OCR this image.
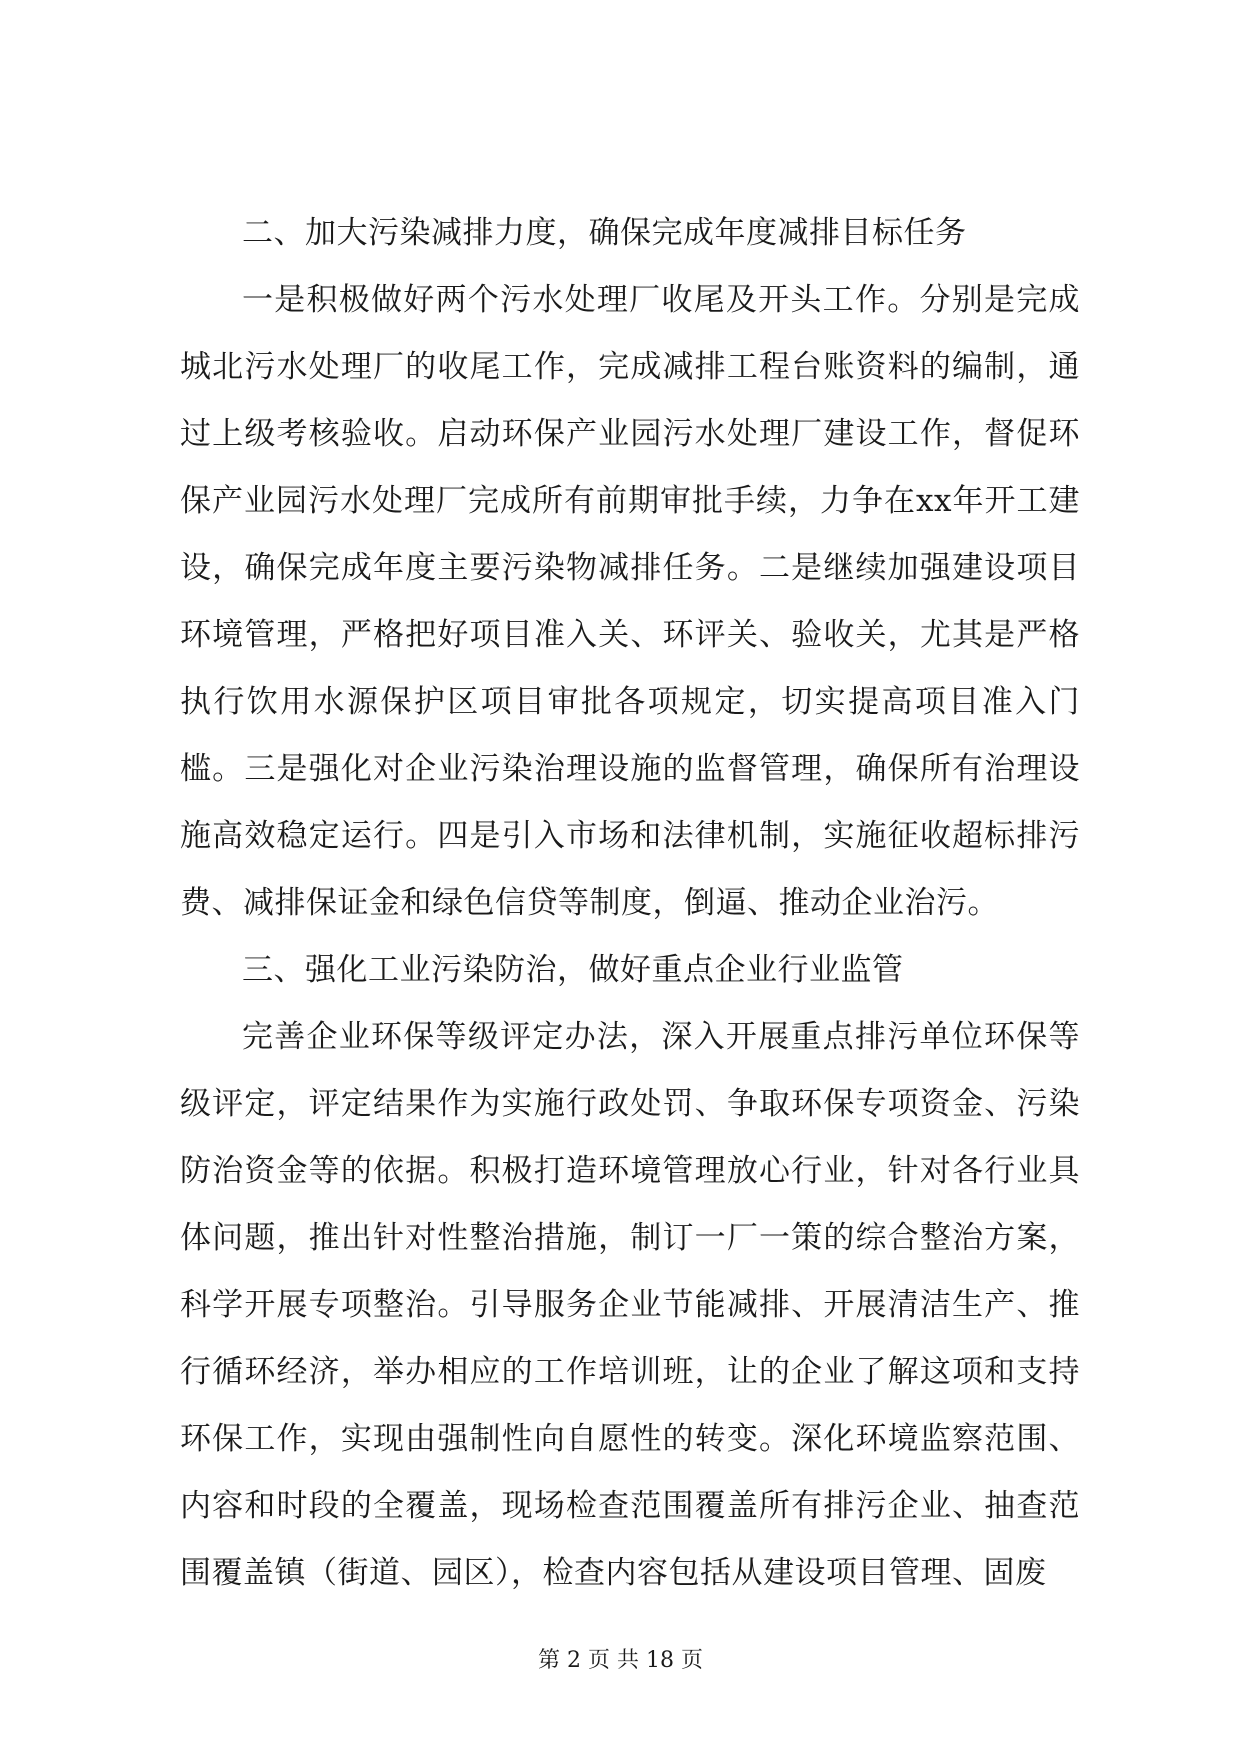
二、加大污染减排力度，确保完成年度减排目标任务

一是积极做好两个污水处理厂收尾及开头工作。分别是完成城北污水处理厂的收尾工作，完成减排工程台账资料的编制，通过上级考核验收。启动环保产业园污水处理厂建设工作，督促环保产业园污水处理厂完成所有前期审批手续，力争在xx年开工建设，确保完成年度主要污染物减排任务。二是继续加强建设项目环境管理，严格把好项目准入关、环评关、验收关，尤其是严格执行饮用水源保护区项目审批各项规定，切实提高项目准入门槛。三是强化对企业污染治理设施的监督管理，确保所有治理设施高效稳定运行。四是引入市场和法律机制，实施征收超标排污费、减排保证金和绿色信贷等制度，倒逼、推动企业治污。

三、强化工业污染防治，做好重点企业行业监管

完善企业环保等级评定办法，深入开展重点排污单位环保等级评定，评定结果作为实施行政处罚、争取环保专项资金、污染防治资金等的依据。积极打造环境管理放心行业，针对各行业具体问题，推出针对性整治措施，制订一厂一策的综合整治方案，科学开展专项整治。引导服务企业节能减排、开展清洁生产、推行循环经济，举办相应的工作培训班，让的企业了解这项和支持环保工作，实现由强制性向自愿性的转变。深化环境监察范围、内容和时段的全覆盖，现场检查范围覆盖所有排污企业、抽查范围覆盖镇（街道、园区），检查内容包括从建设项目管理、固废

第 2 页 共 18 页
